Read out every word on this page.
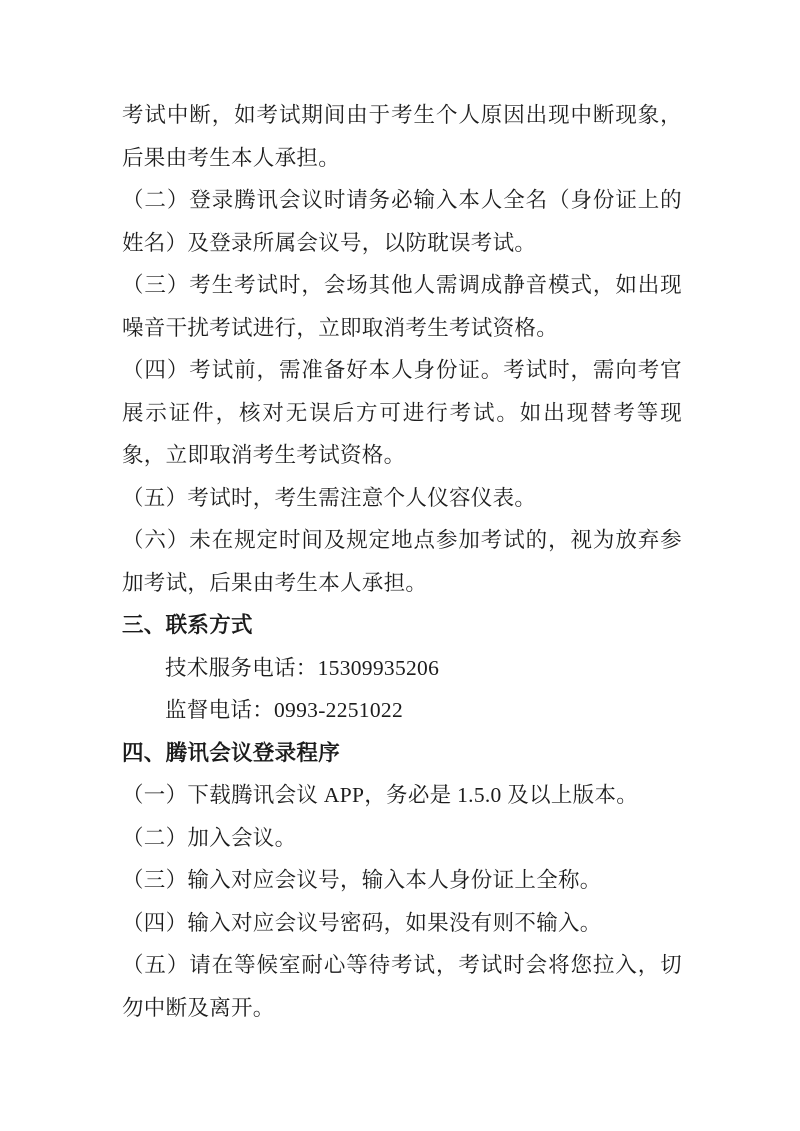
考试中断，如考试期间由于考生个人原因出现中断现象，后果由考生本人承担。

（二）登录腾讯会议时请务必输入本人全名（身份证上的姓名）及登录所属会议号，以防耽误考试。

（三）考生考试时，会场其他人需调成静音模式，如出现噪音干扰考试进行，立即取消考生考试资格。

（四）考试前，需准备好本人身份证。考试时，需向考官展示证件，核对无误后方可进行考试。如出现替考等现象，立即取消考生考试资格。

（五）考试时，考生需注意个人仪容仪表。

（六）未在规定时间及规定地点参加考试的，视为放弃参加考试，后果由考生本人承担。

三、联系方式

技术服务电话：15309935206

监督电话：0993-2251022

四、腾讯会议登录程序

（一）下载腾讯会议 APP，务必是 1.5.0 及以上版本。

（二）加入会议。

（三）输入对应会议号，输入本人身份证上全称。

（四）输入对应会议号密码，如果没有则不输入。

（五）请在等候室耐心等待考试，考试时会将您拉入，切勿中断及离开。
